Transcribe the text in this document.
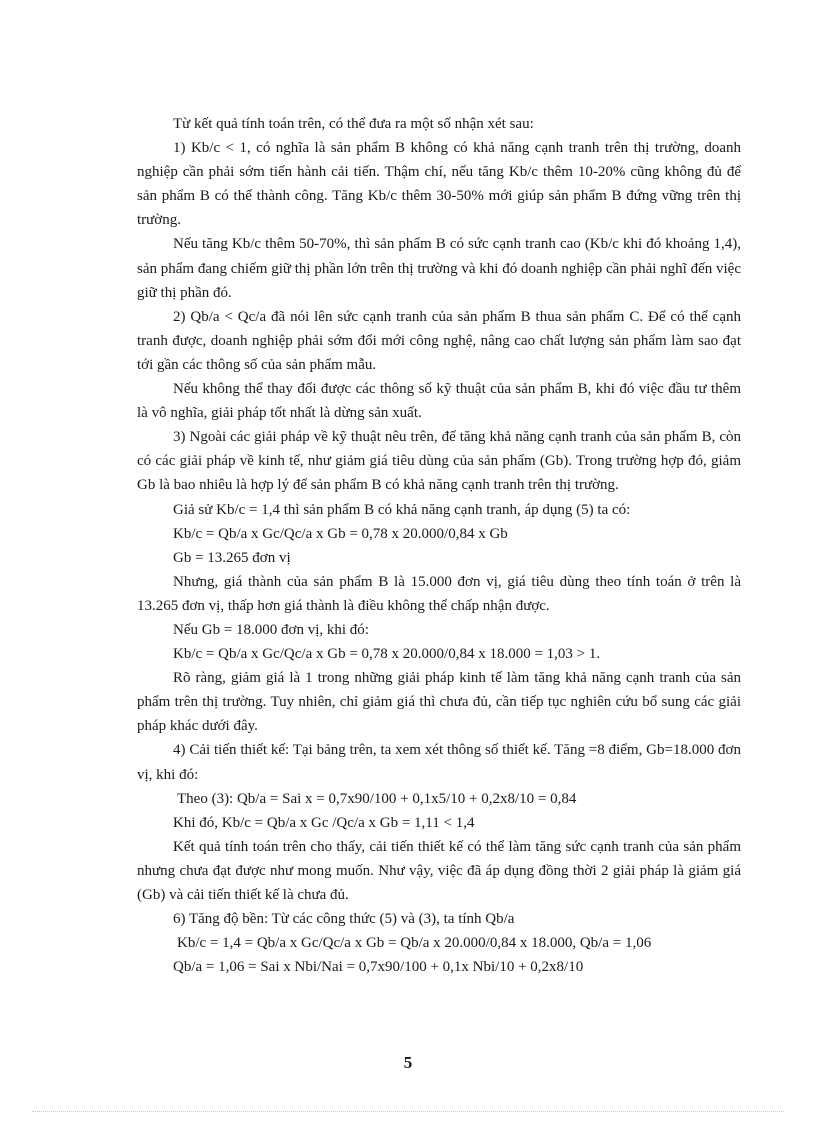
Từ kết quả tính toán trên, có thể đưa ra một số nhận xét sau:

1) Kb/c < 1, có nghĩa là sản phẩm B không có khả năng cạnh tranh trên thị trường, doanh nghiệp cần phải sớm tiến hành cải tiến. Thậm chí, nếu tăng Kb/c thêm 10-20% cũng không đủ để sản phẩm B có thể thành công. Tăng Kb/c thêm 30-50% mới giúp sản phẩm B đứng vững trên thị trường.

Nếu tăng Kb/c thêm 50-70%, thì sản phẩm B có sức cạnh tranh cao (Kb/c khi đó khoảng 1,4), sản phẩm đang chiếm giữ thị phần lớn trên thị trường và khi đó doanh nghiệp cần phải nghĩ đến việc giữ thị phần đó.

2) Qb/a < Qc/a đã nói lên sức cạnh tranh của sản phẩm B thua sản phẩm C. Để có thể cạnh tranh được, doanh nghiệp phải sớm đổi mới công nghệ, nâng cao chất lượng sản phẩm làm sao đạt tới gần các thông số của sản phẩm mẫu.

Nếu không thể thay đổi được các thông số kỹ thuật của sản phẩm B, khi đó việc đầu tư thêm là vô nghĩa, giải pháp tốt nhất là dừng sản xuất.

3) Ngoài các giải pháp về kỹ thuật nêu trên, để tăng khả năng cạnh tranh của sản phẩm B, còn có các giải pháp về kinh tế, như giảm giá tiêu dùng của sản phẩm (Gb). Trong trường hợp đó, giảm Gb là bao nhiêu là hợp lý để sản phẩm B có khả năng cạnh tranh trên thị trường.

Giả sử Kb/c = 1,4 thì sản phẩm B có khả năng cạnh tranh, áp dụng (5) ta có:

Kb/c = Qb/a x Gc/Qc/a x Gb = 0,78 x 20.000/0,84 x Gb

Gb = 13.265 đơn vị

Nhưng, giá thành của sản phẩm B là 15.000 đơn vị, giá tiêu dùng theo tính toán ở trên là 13.265 đơn vị, thấp hơn giá thành là điều không thể chấp nhận được.

Nếu Gb = 18.000 đơn vị, khi đó:

Kb/c = Qb/a x Gc/Qc/a x Gb = 0,78 x 20.000/0,84 x 18.000 = 1,03 > 1.

Rõ ràng, giảm giá là 1 trong những giải pháp kinh tế làm tăng khả năng cạnh tranh của sản phẩm trên thị trường. Tuy nhiên, chỉ giảm giá thì chưa đủ, cần tiếp tục nghiên cứu bổ sung các giải pháp khác dưới đây.

4) Cải tiến thiết kế: Tại bảng trên, ta xem xét thông số thiết kế. Tăng =8 điểm, Gb=18.000 đơn vị, khi đó:

Theo (3): Qb/a = Sai x = 0,7x90/100 + 0,1x5/10 + 0,2x8/10 = 0,84

Khi đó, Kb/c = Qb/a x Gc /Qc/a x Gb = 1,11 < 1,4

Kết quả tính toán trên cho thấy, cải tiến thiết kế có thể làm tăng sức cạnh tranh của sản phẩm nhưng chưa đạt được như mong muốn. Như vậy, việc đã áp dụng đồng thời 2 giải pháp là giảm giá (Gb) và cải tiến thiết kế là chưa đủ.

6) Tăng độ bền: Từ các công thức (5) và (3), ta tính Qb/a

Kb/c = 1,4 = Qb/a x Gc/Qc/a x Gb = Qb/a x 20.000/0,84 x 18.000, Qb/a = 1,06

Qb/a = 1,06 = Sai x Nbi/Nai = 0,7x90/100 + 0,1x Nbi/10 + 0,2x8/10

5
